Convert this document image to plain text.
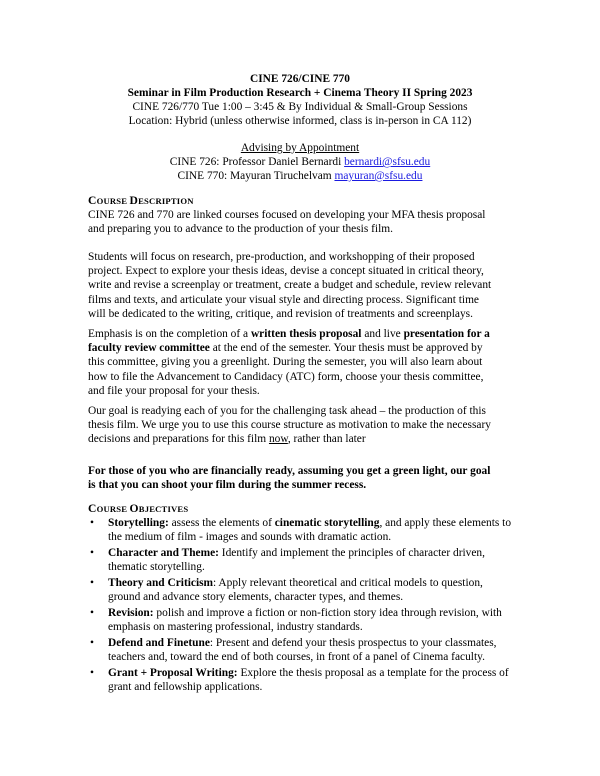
CINE 726/CINE 770
Seminar in Film Production Research + Cinema Theory II Spring 2023
CINE 726/770 Tue 1:00 – 3:45 & By Individual & Small-Group Sessions
Location: Hybrid (unless otherwise informed, class is in-person in CA 112)
Advising by Appointment
CINE 726: Professor Daniel Bernardi bernardi@sfsu.edu
CINE 770: Mayuran Tiruchelvam mayuran@sfsu.edu
COURSE DESCRIPTION
CINE 726 and 770 are linked courses focused on developing your MFA thesis proposal
and preparing you to advance to the production of your thesis film.
Students will focus on research, pre-production, and workshopping of their proposed
project. Expect to explore your thesis ideas, devise a concept situated in critical theory,
write and revise a screenplay or treatment, create a budget and schedule, review relevant
films and texts, and articulate your visual style and directing process. Significant time
will be dedicated to the writing, critique, and revision of treatments and screenplays.
Emphasis is on the completion of a written thesis proposal and live presentation for a
faculty review committee at the end of the semester. Your thesis must be approved by
this committee, giving you a greenlight. During the semester, you will also learn about
how to file the Advancement to Candidacy (ATC) form, choose your thesis committee,
and file your proposal for your thesis.
Our goal is readying each of you for the challenging task ahead – the production of this
thesis film. We urge you to use this course structure as motivation to make the necessary
decisions and preparations for this film now, rather than later
For those of you who are financially ready, assuming you get a green light, our goal
is that you can shoot your film during the summer recess.
COURSE OBJECTIVES
• Storytelling: assess the elements of cinematic storytelling, and apply these elements to
the medium of film - images and sounds with dramatic action.
• Character and Theme: Identify and implement the principles of character driven,
thematic storytelling.
• Theory and Criticism: Apply relevant theoretical and critical models to question,
ground and advance story elements, character types, and themes.
• Revision: polish and improve a fiction or non-fiction story idea through revision, with
emphasis on mastering professional, industry standards.
• Defend and Finetune: Present and defend your thesis prospectus to your classmates,
teachers and, toward the end of both courses, in front of a panel of Cinema faculty.
• Grant + Proposal Writing: Explore the thesis proposal as a template for the process of
grant and fellowship applications.
